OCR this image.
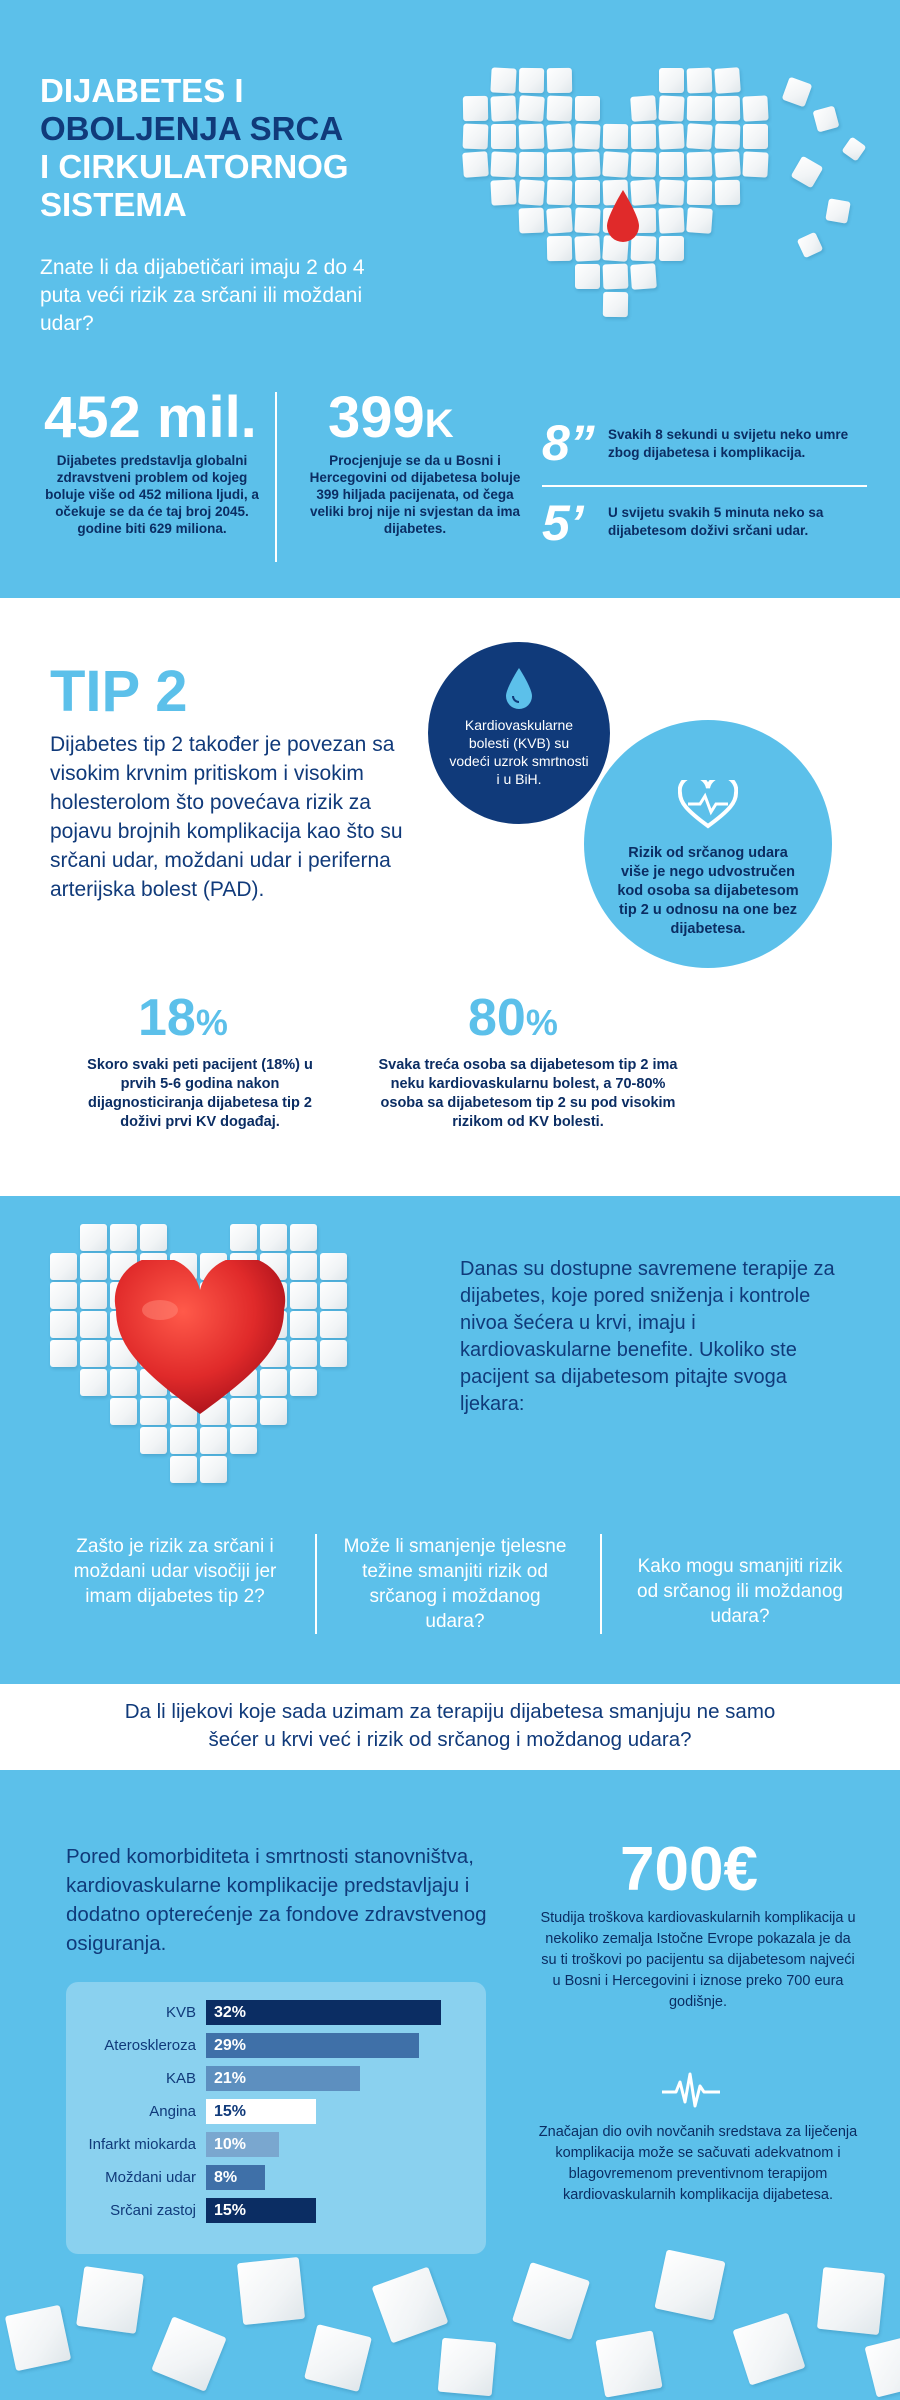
DIJABETES I
OBOLJENJA SRCA
I CIRKULATORNOG
SISTEMA
Znate li da dijabetičari imaju 2 do 4 puta veći rizik za srčani ili moždani udar?
452 mil.
Dijabetes predstavlja globalni zdravstveni problem od kojeg boluje više od 452 miliona ljudi, a očekuje se da će taj broj 2045. godine biti 629 miliona.
399K
Procjenjuje se da u Bosni i Hercegovini od dijabetesa boluje 399 hiljada pacijenata, od čega veliki broj nije ni svjestan da ima dijabetes.
8” Svakih 8 sekundi u svijetu neko umre zbog dijabetesa i komplikacija.
5’ U svijetu svakih 5 minuta neko sa dijabetesom doživi srčani udar.
TIP 2
Dijabetes tip 2 također je povezan sa visokim krvnim pritiskom i visokim holesterolom što povećava rizik za pojavu brojnih komplikacija kao što su srčani udar, moždani udar i periferna arterijska bolest (PAD).
Rizik od srčanog udara više je nego udvostručen kod osoba sa dijabetesom tip 2 u odnosu na one bez dijabetesa.
Kardiovaskularne bolesti (KVB) su vodeći uzrok smrtnosti i u BiH.
18%
Skoro svaki peti pacijent (18%) u prvih 5-6 godina nakon dijagnosticiranja dijabetesa tip 2 doživi prvi KV događaj.
80%
Svaka treća osoba sa dijabetesom tip 2 ima neku kardiovaskularnu bolest, a 70-80% osoba sa dijabetesom tip 2 su pod visokim rizikom od KV bolesti.
Danas su dostupne savremene terapije za dijabetes, koje pored sniženja i kontrole nivoa šećera u krvi, imaju i kardiovaskularne benefite. Ukoliko ste pacijent sa dijabetesom pitajte svoga ljekara:
Zašto je rizik za srčani i moždani udar visočiji jer imam dijabetes tip 2?
Može li smanjenje tjelesne težine smanjiti rizik od srčanog i moždanog udara?
Kako mogu smanjiti rizik od srčanog ili moždanog udara?
Da li lijekovi koje sada uzimam za terapiju dijabetesa smanjuju ne samo šećer u krvi već i rizik od srčanog i moždanog udara?
Pored komorbiditeta i smrtnosti stanovništva, kardiovaskularne komplikacije predstavljaju i dodatno opterećenje za fondove zdravstvenog osiguranja.
KVB 32%
Ateroskleroza 29%
KAB 21%
Angina 15%
Infarkt miokarda 10%
Moždani udar 8%
Srčani zastoj 15%
700€
Studija troškova kardiovaskularnih komplikacija u nekoliko zemalja Istočne Evrope pokazala je da su ti troškovi po pacijentu sa dijabetesom najveći u Bosni i Hercegovini i iznose preko 700 eura godišnje.
Značajan dio ovih novčanih sredstava za liječenja komplikacija može se sačuvati adekvatnom i blagovremenom preventivnom terapijom kardiovaskularnih komplikacija dijabetesa.
